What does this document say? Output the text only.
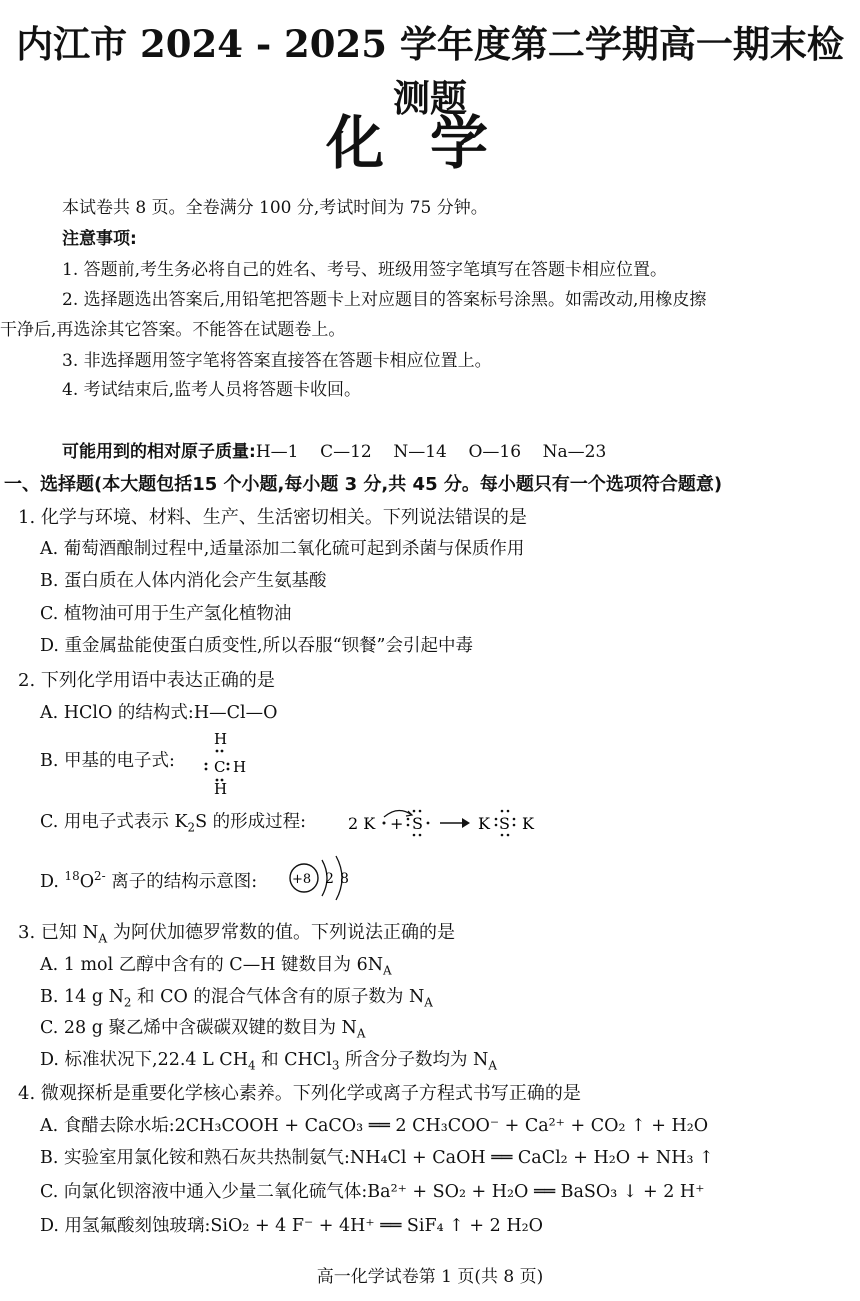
内江市 2024 - 2025 学年度第二学期高一期末检测题
化学
本试卷共 8 页。全卷满分 100 分,考试时间为 75 分钟。
注意事项:
1. 答题前,考生务必将自己的姓名、考号、班级用签字笔填写在答题卡相应位置。
2. 选择题选出答案后,用铅笔把答题卡上对应题目的答案标号涂黑。如需改动,用橡皮擦
干净后,再选涂其它答案。不能答在试题卷上。
3. 非选择题用签字笔将答案直接答在答题卡相应位置上。
4. 考试结束后,监考人员将答题卡收回。
可能用到的相对原子质量:H—1    C—12    N—14    O—16    Na—23
一、选择题(本大题包括15 个小题,每小题 3 分,共 45 分。每小题只有一个选项符合题意)
1. 化学与环境、材料、生产、生活密切相关。下列说法错误的是
A. 葡萄酒酿制过程中,适量添加二氧化硫可起到杀菌与保质作用
B. 蛋白质在人体内消化会产生氨基酸
C. 植物油可用于生产氢化植物油
D. 重金属盐能使蛋白质变性,所以吞服“钡餐”会引起中毒
2. 下列化学用语中表达正确的是
A. HClO 的结构式:H—Cl—O
B. 甲基的电子式:
H
C H
H
C. 用电子式表示 $K_2S$ 的形成过程:	2 K + S	K S K
D. $^{18}O^{2-}$ 离子的结构示意图:	+8 2 8
3. 已知 $N_A$ 为阿伏加德罗常数的值。下列说法正确的是
A. 1 mol 乙醇中含有的 C—H 键数目为 $6N_A$
B. 14 g $N_2$ 和 CO 的混合气体含有的原子数为 $N_A$
C. 28 g 聚乙烯中含碳碳双键的数目为 $N_A$
D. 标准状况下,22.4 L $CH_4$ 和 CHCl$_3$ 所含分子数均为 $N_A$
4. 微观探析是重要化学核心素养。下列化学或离子方程式书写正确的是
A. 食醋去除水垢:2CH₃COOH + CaCO₃ ══ 2 CH₃COO⁻ + Ca²⁺ + CO₂ ↑ + H₂O
B. 实验室用氯化铵和熟石灰共热制氨气:NH₄Cl + CaOH ══ CaCl₂ + H₂O + NH₃ ↑
C. 向氯化钡溶液中通入少量二氧化硫气体:Ba²⁺ + SO₂ + H₂O ══ BaSO₃ ↓ + 2 H⁺
D. 用氢氟酸刻蚀玻璃:SiO₂ + 4 F⁻ + 4H⁺ ══ SiF₄ ↑ + 2 H₂O
高一化学试卷第 1 页(共 8 页)
